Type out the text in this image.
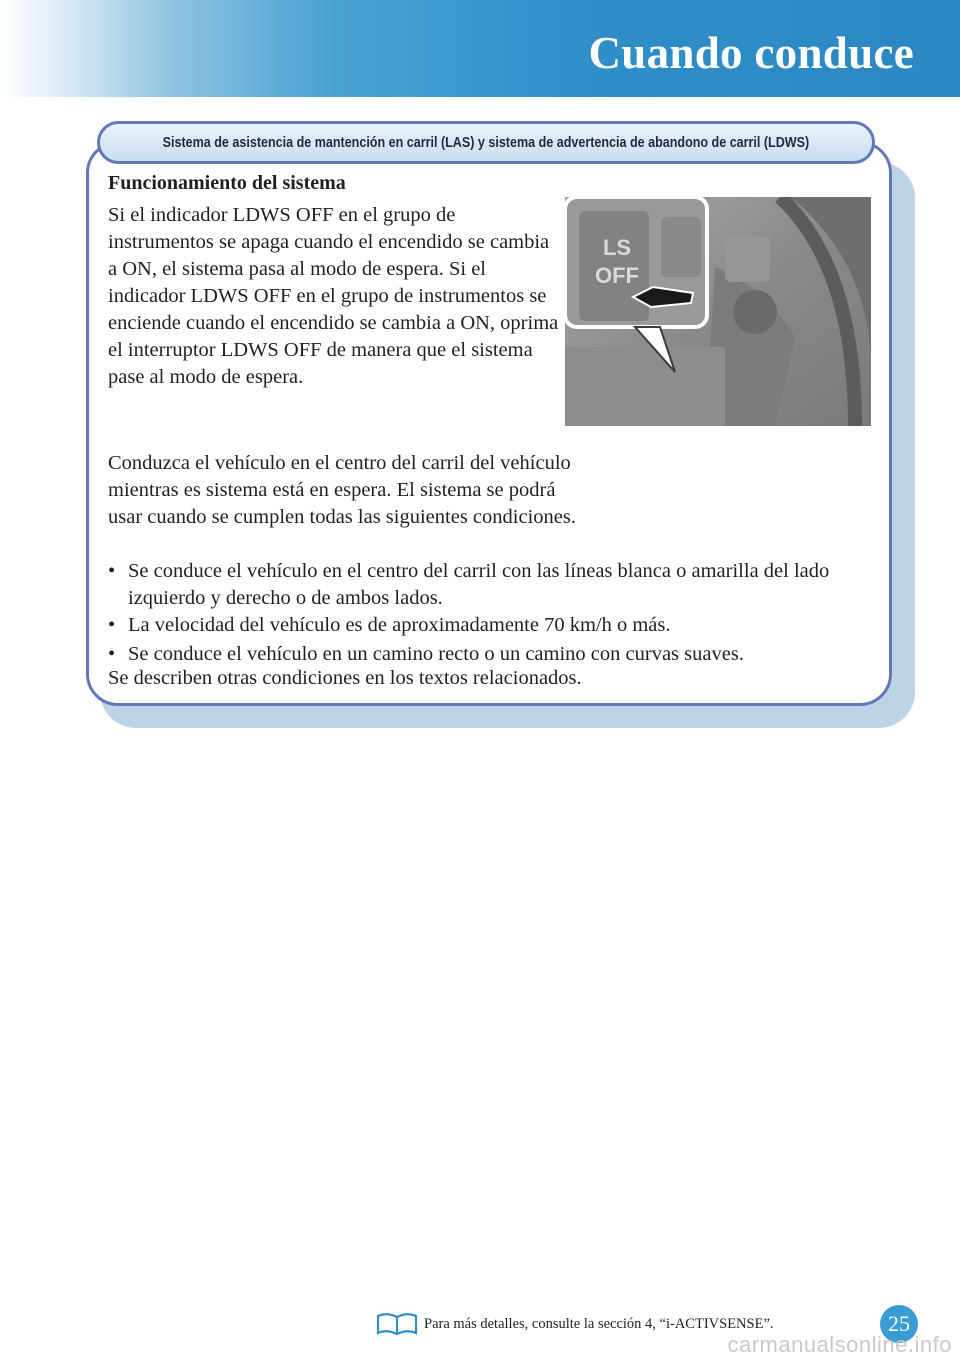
Cuando conduce
Sistema de asistencia de mantención en carril (LAS) y sistema de advertencia de abandono de carril (LDWS)
Funcionamiento del sistema
Si el indicador LDWS OFF en el grupo de instrumentos se apaga cuando el encendido se cambia a ON, el sistema pasa al modo de espera. Si el indicador LDWS OFF en el grupo de instrumentos se enciende cuando el encendido se cambia a ON, oprima el interruptor LDWS OFF de manera que el sistema pase al modo de espera.
LS
OFF
Conduzca el vehículo en el centro del carril del vehículo mientras es sistema está en espera. El sistema se podrá usar cuando se cumplen todas las siguientes condiciones.
• Se conduce el vehículo en el centro del carril con las líneas blanca o amarilla del lado izquierdo y derecho o de ambos lados.
• La velocidad del vehículo es de aproximadamente 70 km/h o más.
• Se conduce el vehículo en un camino recto o un camino con curvas suaves.
Se describen otras condiciones en los textos relacionados.
Para más detalles, consulte la sección 4, “i-ACTIVSENSE”.	25
carmanualsonline.info
